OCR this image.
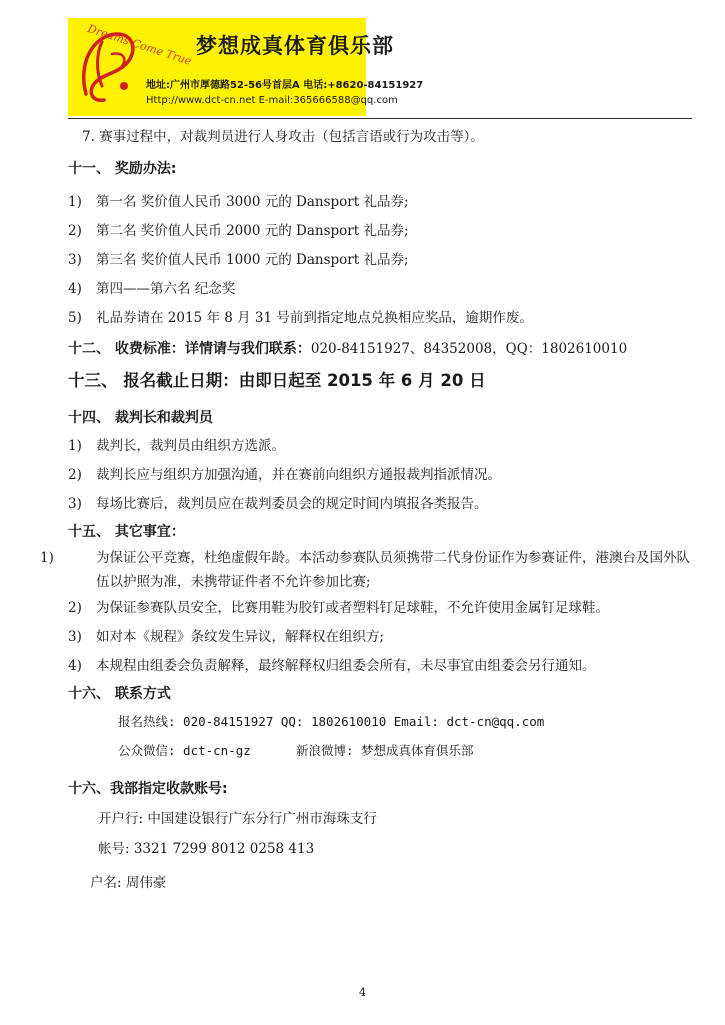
Dreams Come True 梦想成真体育俱乐部
地址:广州市厚德路52-56号首层A 电话:+8620-84151927
Http://www.dct-cn.net E-mail:365666588@qq.com
7. 赛事过程中，对裁判员进行人身攻击（包括言语或行为攻击等）。
十一、 奖励办法:
1) 第一名 奖价值人民币 3000 元的 Dansport 礼品券;
2) 第二名 奖价值人民币 2000 元的 Dansport 礼品券;
3) 第三名 奖价值人民币 1000 元的 Dansport 礼品券;
4) 第四——第六名 纪念奖
5) 礼品券请在 2015 年 8 月 31 号前到指定地点兑换相应奖品，逾期作废。
十二、 收费标准：详情请与我们联系：020-84151927、84352008，QQ：1802610010
十三、 报名截止日期：由即日起至 2015 年 6 月 20 日
十四、 裁判长和裁判员
1) 裁判长，裁判员由组织方选派。
2) 裁判长应与组织方加强沟通，并在赛前向组织方通报裁判指派情况。
3) 每场比赛后，裁判员应在裁判委员会的规定时间内填报各类报告。
十五、 其它事宜：
1)	为保证公平竞赛，杜绝虚假年龄。本活动参赛队员须携带二代身份证作为参赛证件，港澳台及国外队伍以护照为准，未携带证件者不允许参加比赛;
2) 为保证参赛队员安全，比赛用鞋为胶钉或者塑料钉足球鞋，不允许使用金属钉足球鞋。
3) 如对本《规程》条纹发生异议，解释权在组织方;
4) 本规程由组委会负责解释，最终解释权归组委会所有，未尽事宜由组委会另行通知。
十六、 联系方式
报名热线: 020-84151927 QQ: 1802610010 Email: dct-cn@qq.com
公众微信: dct-cn-gz	新浪微博: 梦想成真体育俱乐部
十六、我部指定收款账号:
开户行: 中国建设银行广东分行广州市海珠支行
帐号: 3321 7299 8012 0258 413
户名: 周伟豪
4
